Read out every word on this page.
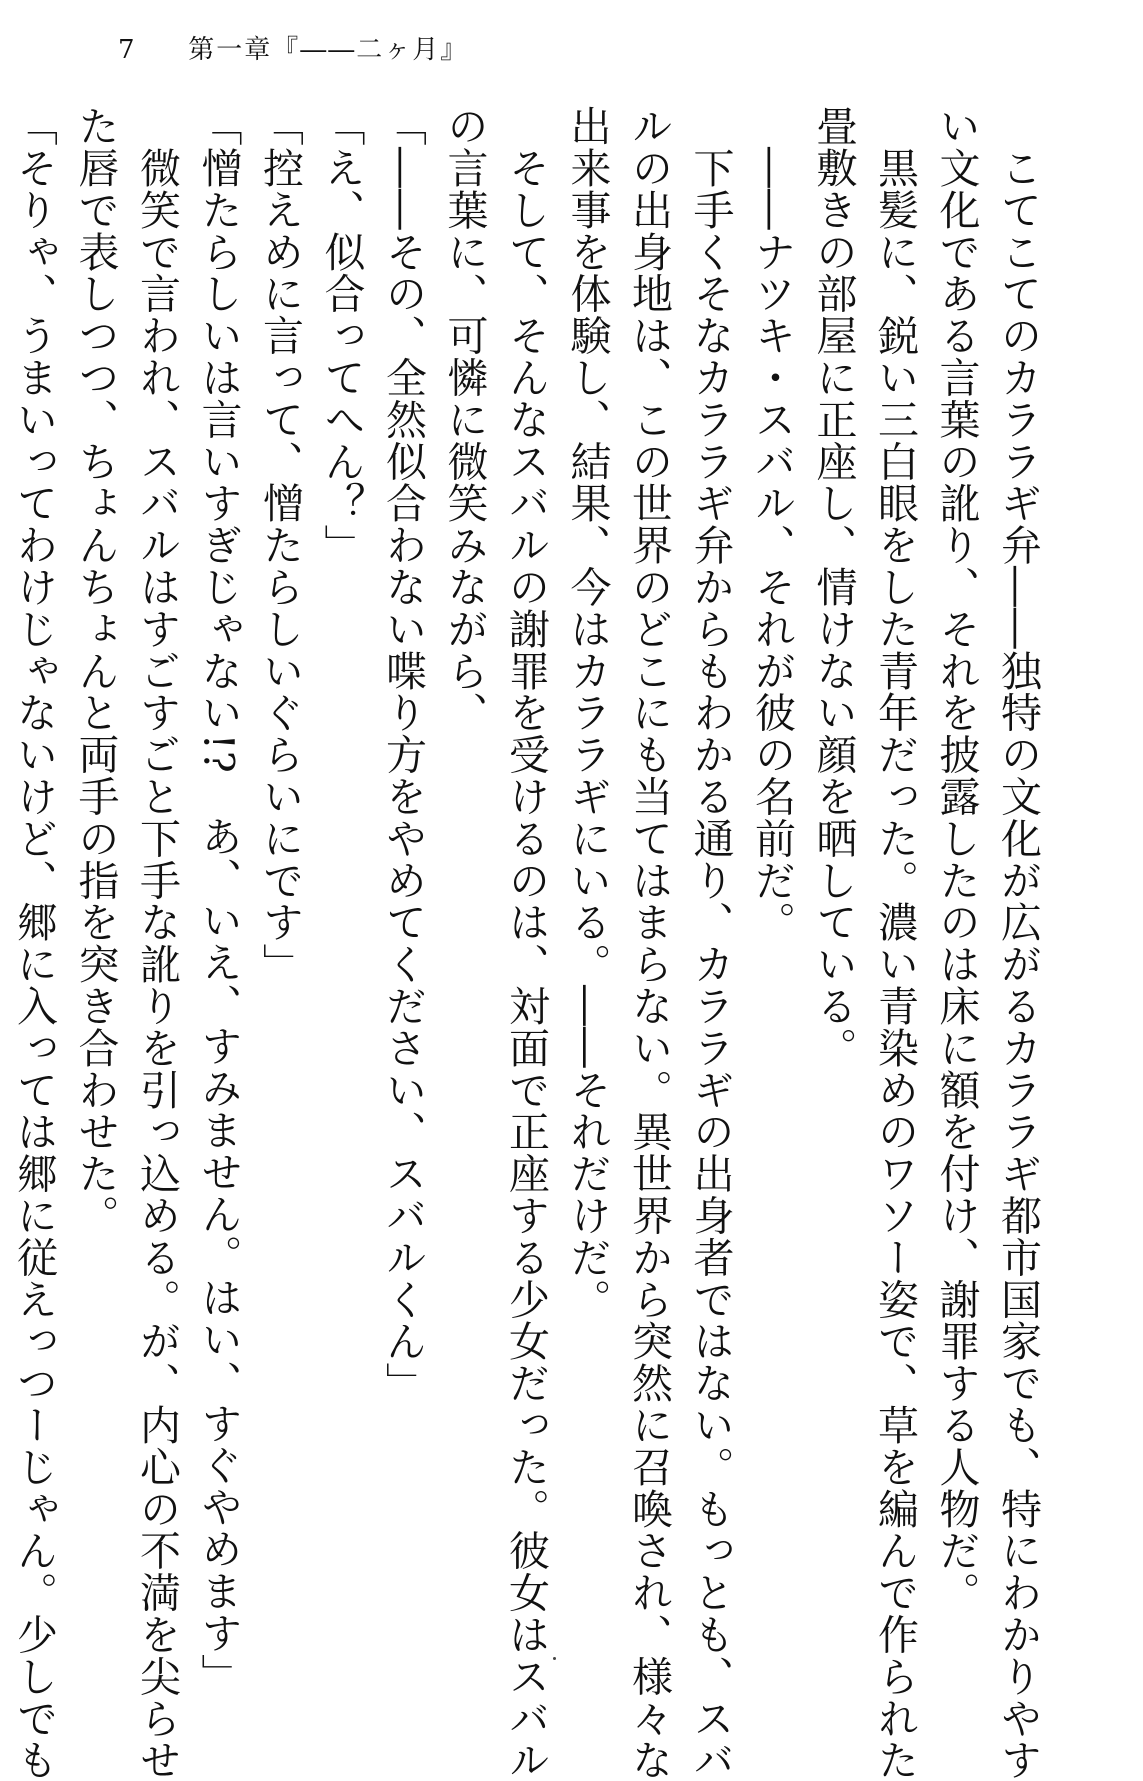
7 第一章『――二ヶ月』

　こてこてのカララギ弁――独特の文化が広がるカララギ都市国家でも、特にわかりやす

い文化である言葉の訛り、それを披露したのは床に額を付け、謝罪する人物だ。

　黒髪に、鋭い三白眼をした青年だった。濃い青染めのワソー姿で、草を編んで作られた

畳敷きの部屋に正座し、情けない顔を晒している。

　――ナツキ・スバル、それが彼の名前だ。

　下手くそなカララギ弁からもわかる通り、カララギの出身者ではない。もっとも、スバ

ルの出身地は、この世界のどこにも当てはまらない。異世界から突然に召喚され、様々な

出来事を体験し、結果、今はカララギにいる。――それだけだ。

　そして、そんなスバルの謝罪を受けるのは、対面で正座する少女だった。彼女はスバル

の言葉に、可憐に微笑みながら、

「――その、全然似合わない喋り方をやめてください、スバルくん」

「え、似合ってへん？」

「控えめに言って、憎たらしいぐらいにです」

「憎たらしいは言いすぎじゃない!?　あ、いえ、すみません。はい、すぐやめます」

　微笑で言われ、スバルはすごすごと下手な訛りを引っ込める。が、内心の不満を尖らせ

た唇で表しつつ、ちょんちょんと両手の指を突き合わせた。

「そりゃ、うまいってわけじゃないけど、郷に入っては郷に従えっつーじゃん。少しでも
